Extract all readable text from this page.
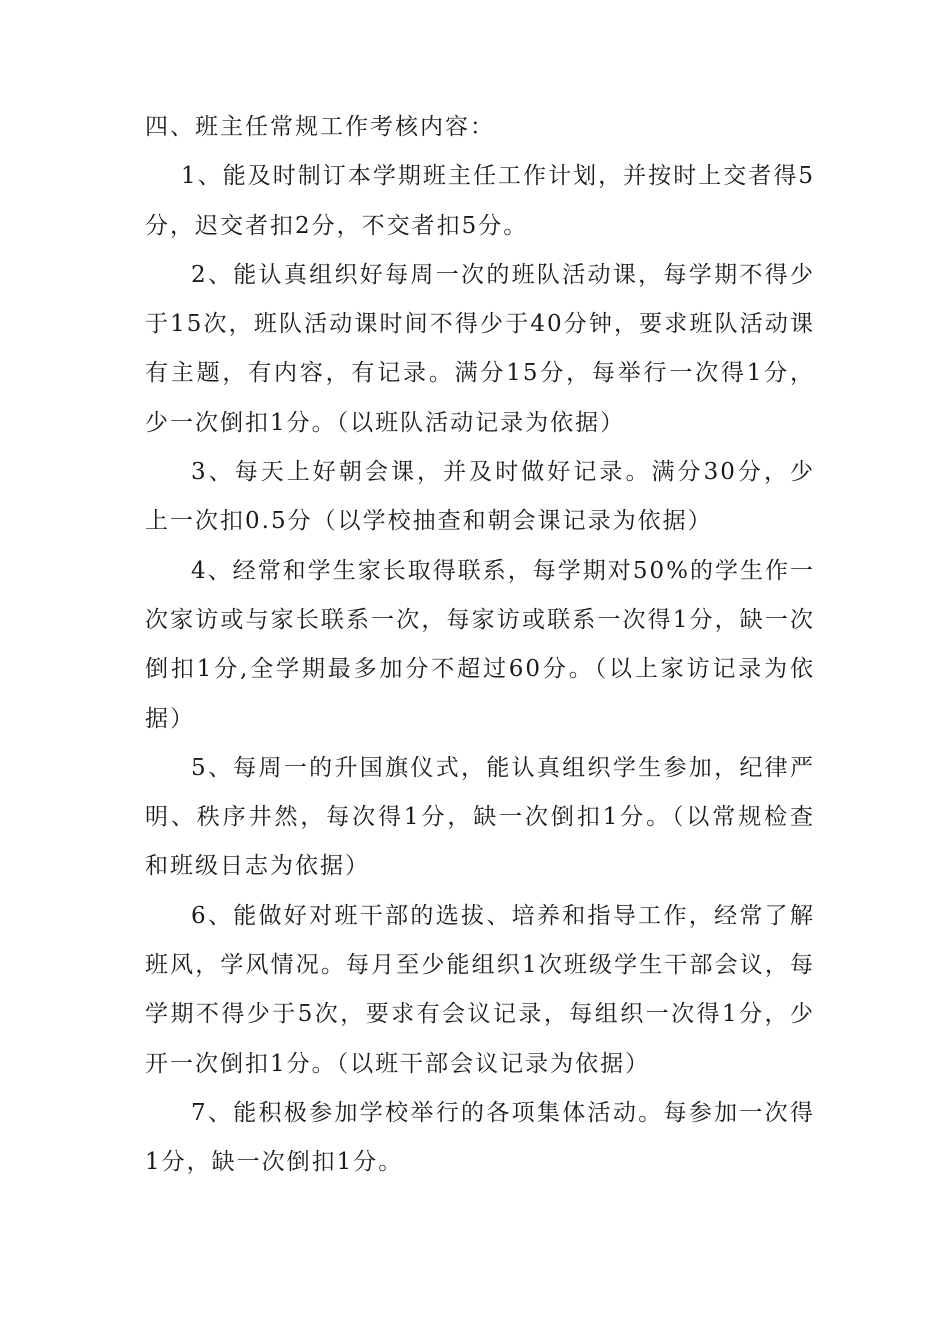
四、班主任常规工作考核内容：

1、能及时制订本学期班主任工作计划，并按时上交者得5分，迟交者扣2分，不交者扣5分。

2、能认真组织好每周一次的班队活动课，每学期不得少于15次，班队活动课时间不得少于40分钟，要求班队活动课有主题，有内容，有记录。满分15分，每举行一次得1分，少一次倒扣1分。（以班队活动记录为依据）

3、每天上好朝会课，并及时做好记录。满分30分，少上一次扣0.5分（以学校抽查和朝会课记录为依据）

4、经常和学生家长取得联系，每学期对50%的学生作一次家访或与家长联系一次，每家访或联系一次得1分，缺一次倒扣1分,全学期最多加分不超过60分。（以上家访记录为依据）

5、每周一的升国旗仪式，能认真组织学生参加，纪律严明、秩序井然，每次得1分，缺一次倒扣1分。（以常规检查和班级日志为依据）

6、能做好对班干部的选拔、培养和指导工作，经常了解班风，学风情况。每月至少能组织1次班级学生干部会议，每学期不得少于5次，要求有会议记录，每组织一次得1分，少开一次倒扣1分。（以班干部会议记录为依据）

7、能积极参加学校举行的各项集体活动。每参加一次得1分，缺一次倒扣1分。
